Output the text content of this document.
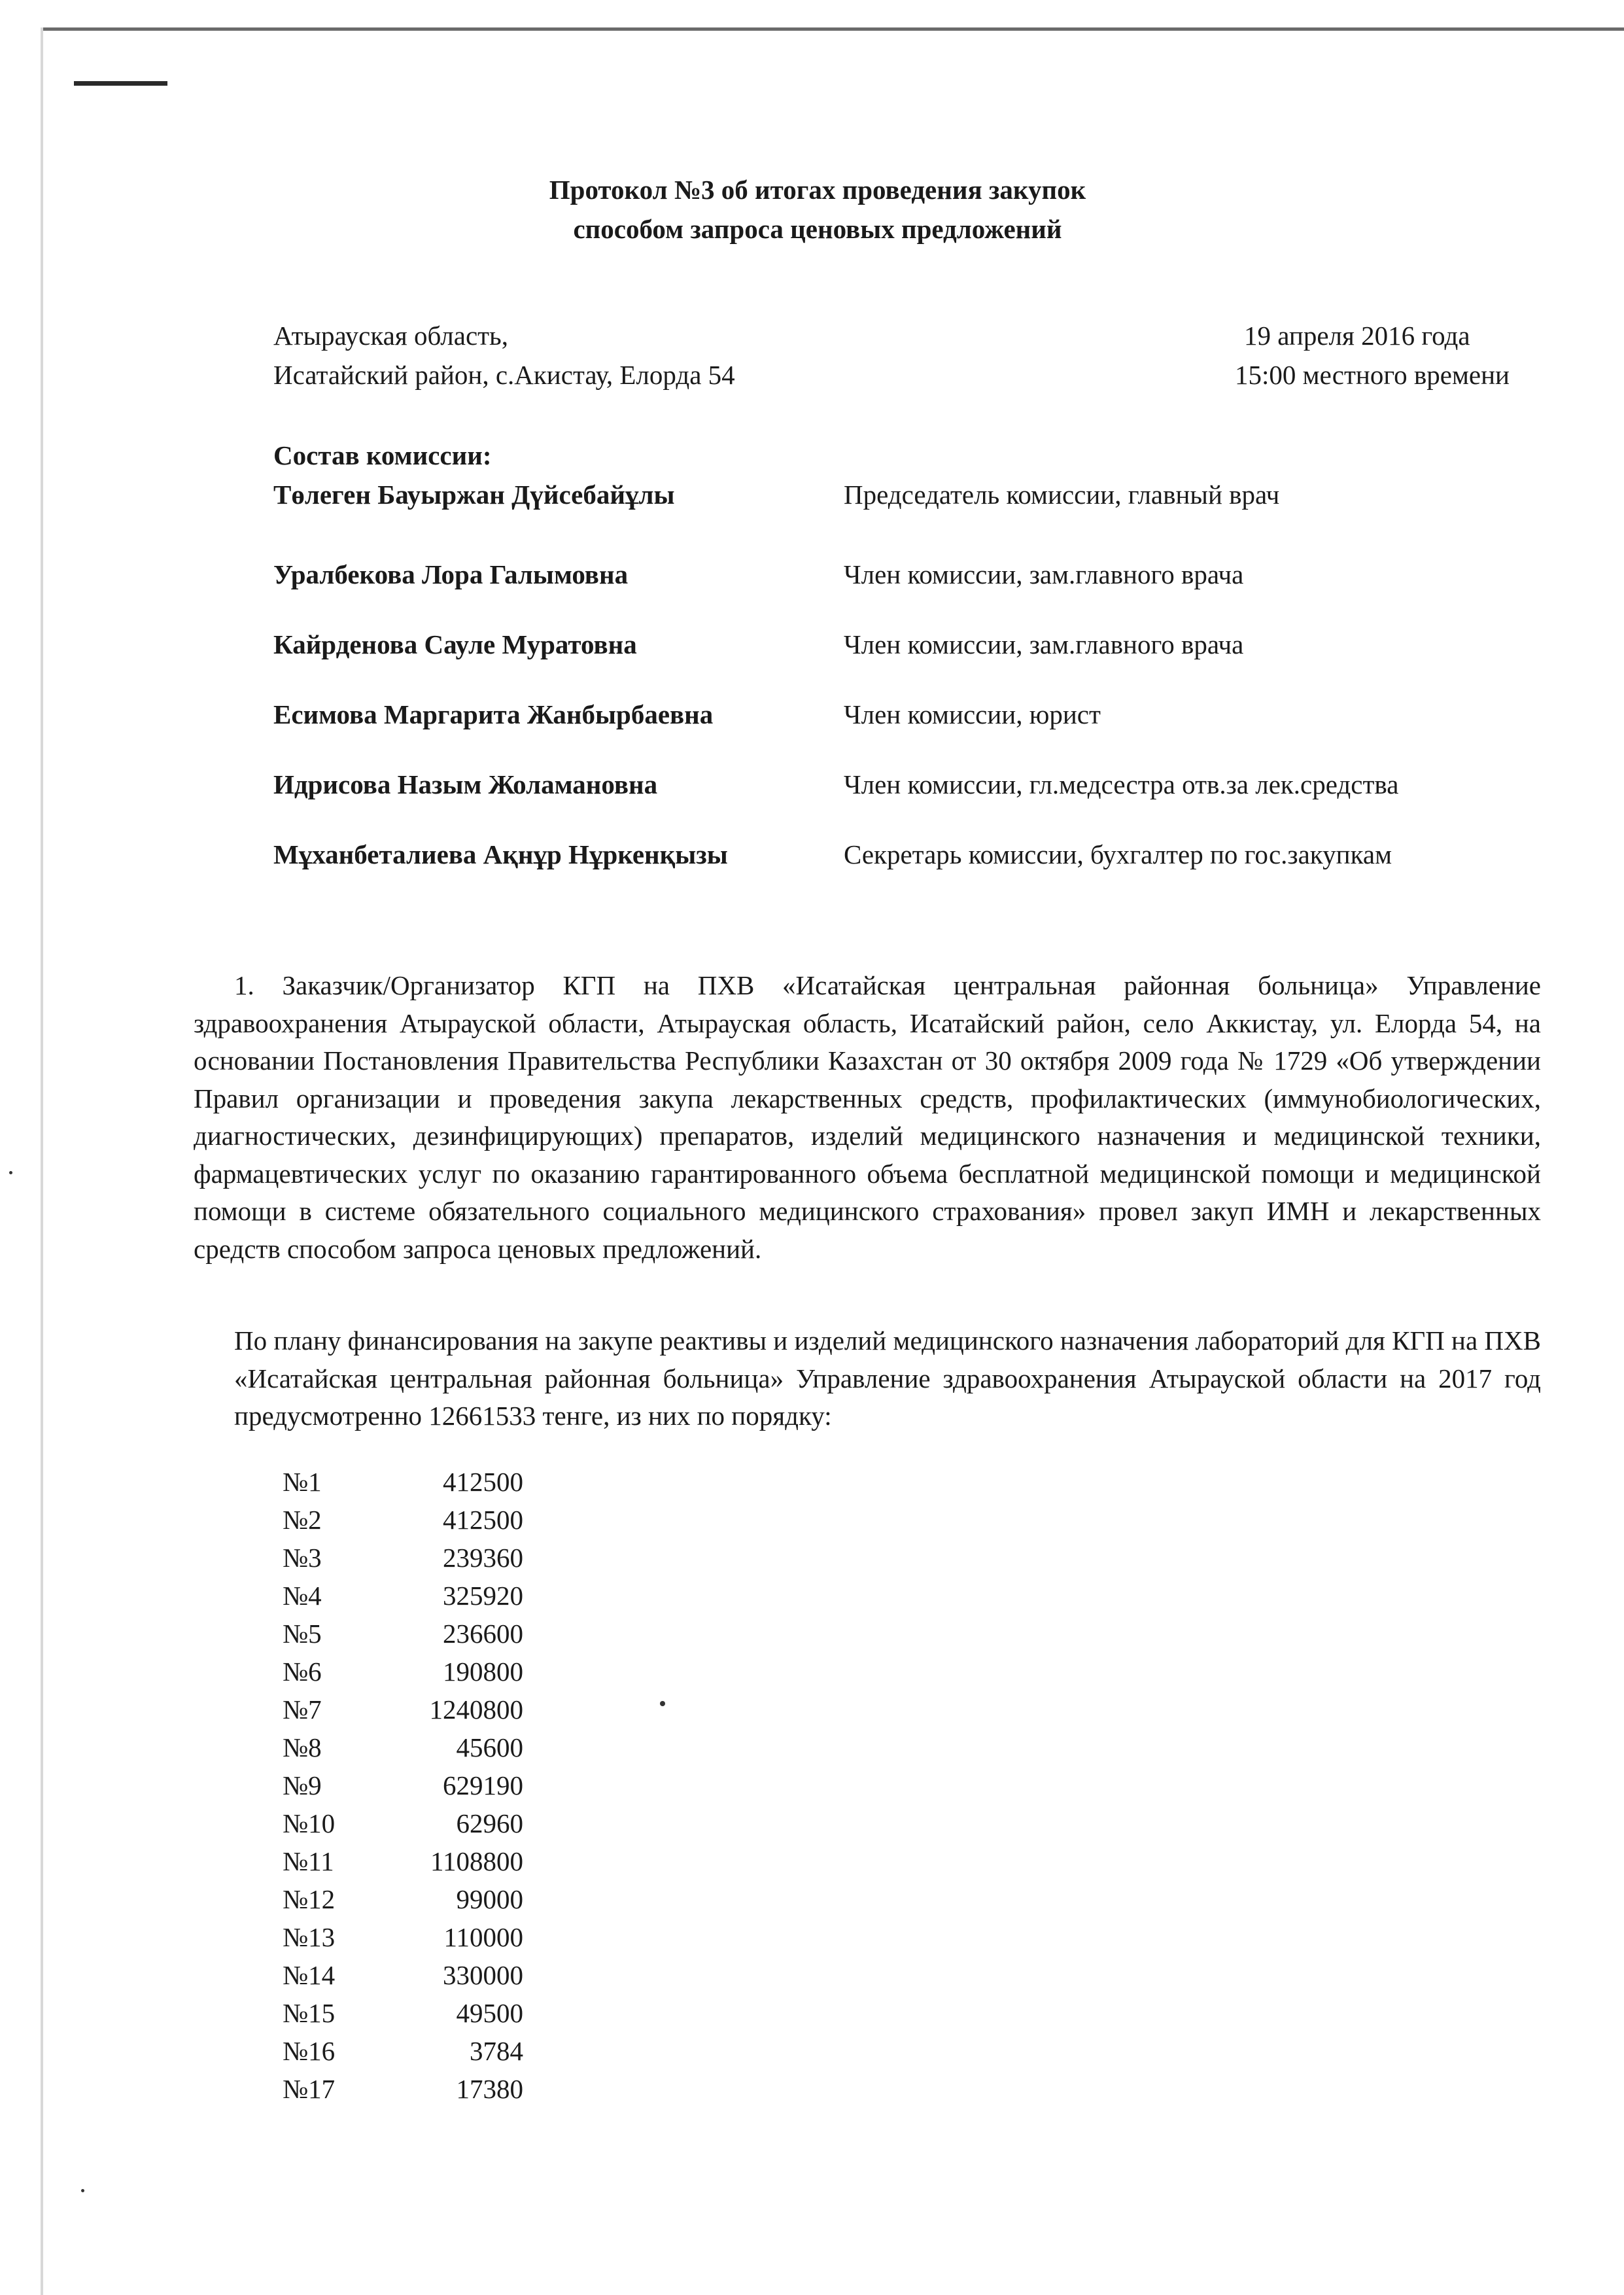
Протокол №3 об итогах проведения закупок
способом запроса ценовых предложений
Атырауская область,
Исатайский район, с.Акистау, Елорда 54
19 апреля 2016 года
15:00 местного времени
Состав комиссии:
Төлеген Бауыржан Дүйсебайұлы	Председатель комиссии, главный врач
Уралбекова Лора Галымовна	Член комиссии, зам.главного врача
Кайрденова Сауле Муратовна	Член комиссии, зам.главного врача
Есимова Маргарита Жанбырбаевна	Член комиссии, юрист
Идрисова Назым Жоламановна	Член комиссии, гл.медсестра отв.за лек.средства
Мұханбеталиева Ақнұр Нұркенқызы	Секретарь комиссии, бухгалтер по гос.закупкам
1. Заказчик/Организатор КГП на ПХВ «Исатайская центральная районная больница» Управление здравоохранения Атырауской области, Атырауская область, Исатайский район, село Аккистау, ул. Елорда 54, на основании Постановления Правительства Республики Казахстан от 30 октября 2009 года № 1729 «Об утверждении Правил организации и проведения закупа лекарственных средств, профилактических (иммунобиологических, диагностических, дезинфицирующих) препаратов, изделий медицинского назначения и медицинской техники, фармацевтических услуг по оказанию гарантированного объема бесплатной медицинской помощи и медицинской помощи в системе обязательного социального медицинского страхования» провел закуп ИМН и лекарственных средств способом запроса ценовых предложений.
По плану финансирования на закупе реактивы и изделий медицинского назначения лабораторий для КГП на ПХВ «Исатайская центральная районная больница» Управление здравоохранения Атырауской области на 2017 год предусмотренно 12661533 тенге, из них по порядку:
№1	412500
№2	412500
№3	239360
№4	325920
№5	236600
№6	190800
№7	1240800
№8	45600
№9	629190
№10	62960
№11	1108800
№12	99000
№13	110000
№14	330000
№15	49500
№16	3784
№17	17380
